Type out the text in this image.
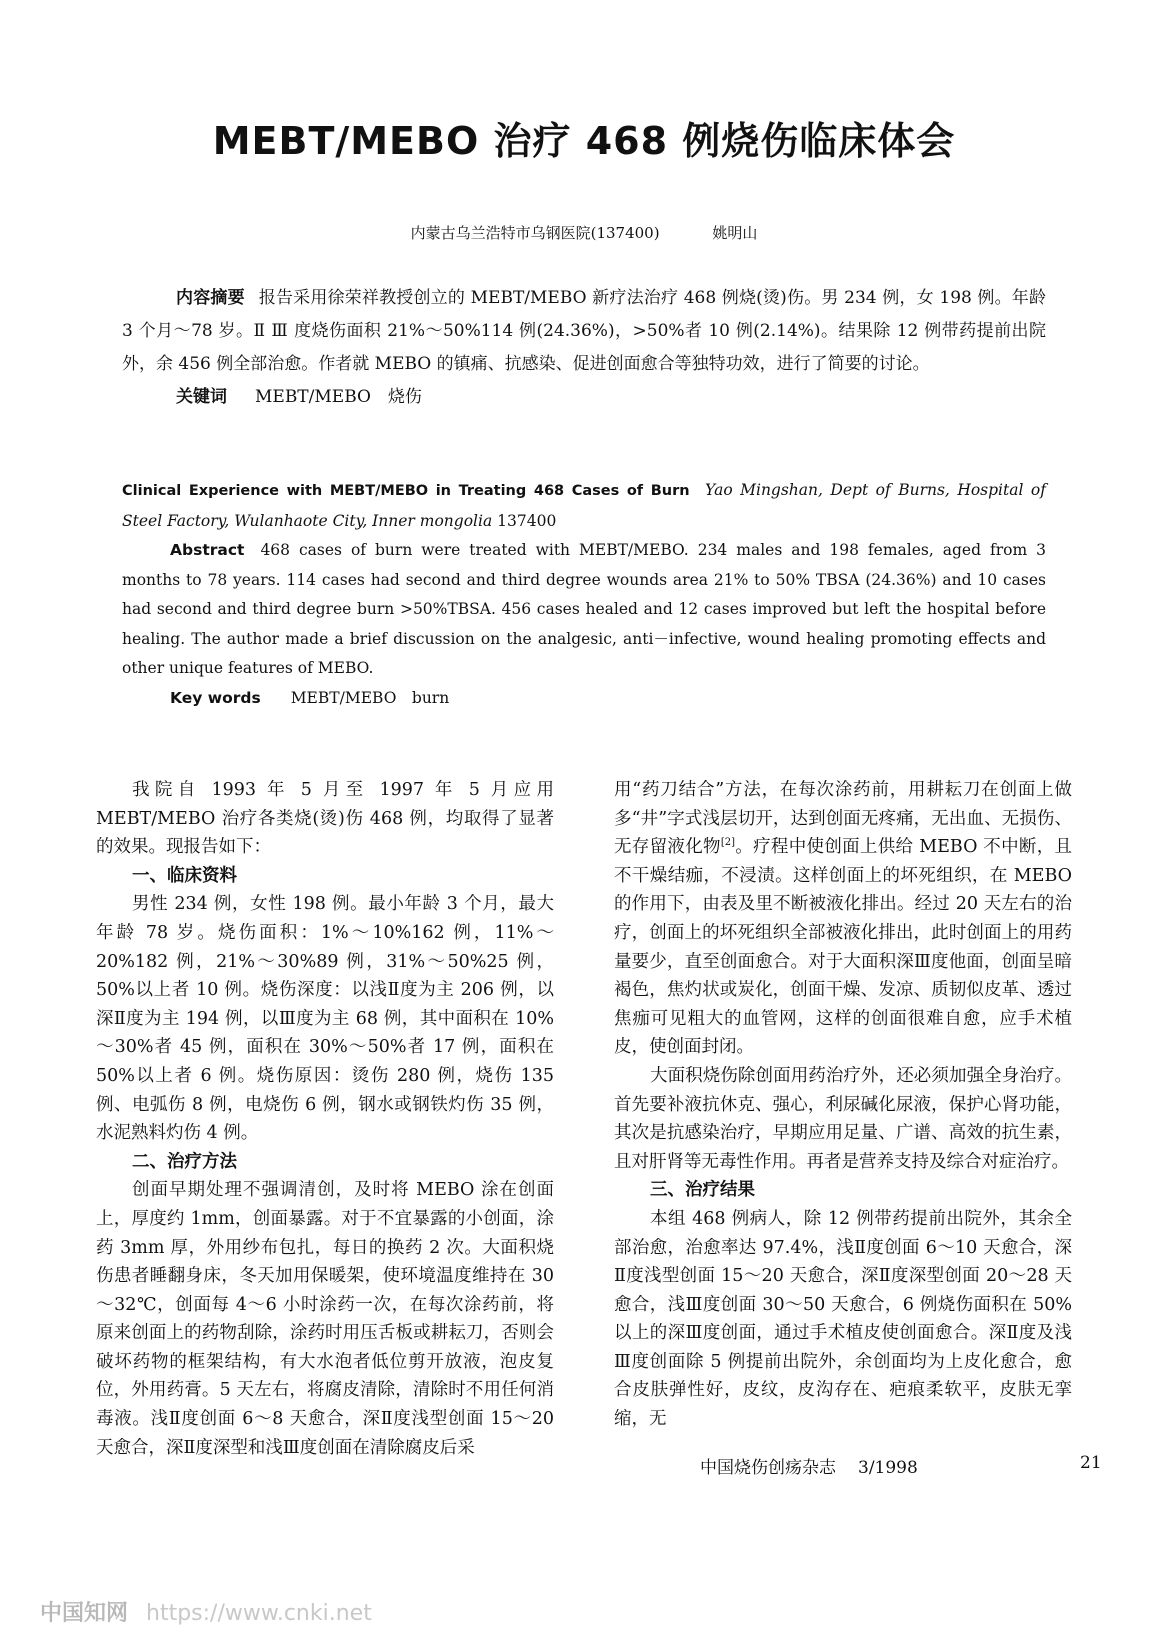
MEBT/MEBO 治疗 468 例烧伤临床体会
内蒙古乌兰浩特市乌钢医院(137400)	姚明山

内容摘要 报告采用徐荣祥教授创立的 MEBT/MEBO 新疗法治疗 468 例烧(烫)伤。男 234 例，女 198 例。年龄 3 个月～78 岁。Ⅱ Ⅲ 度烧伤面积 21%～50%114 例(24.36%)，>50%者 10 例(2.14%)。结果除 12 例带药提前出院外，余 456 例全部治愈。作者就 MEBO 的镇痛、抗感染、促进创面愈合等独特功效，进行了简要的讨论。

关键词 MEBT/MEBO　烧伤

Clinical Experience with MEBT/MEBO in Treating 468 Cases of Burn Yao Mingshan, Dept of Burns, Hospital of Steel Factory, Wulanhaote City, Inner mongolia 137400

Abstract 468 cases of burn were treated with MEBT/MEBO. 234 males and 198 females, aged from 3 months to 78 years. 114 cases had second and third degree wounds area 21% to 50% TBSA (24.36%) and 10 cases had second and third degree burn >50%TBSA. 456 cases healed and 12 cases improved but left the hospital before healing. The author made a brief discussion on the analgesic, anti－infective, wound healing promoting effects and other unique features of MEBO.

Key words MEBT/MEBO　burn

我院自 1993 年 5 月至 1997 年 5 月应用 MEBT/MEBO 治疗各类烧(烫)伤 468 例，均取得了显著的效果。现报告如下：

一、临床资料

男性 234 例，女性 198 例。最小年龄 3 个月，最大年龄 78 岁。烧伤面积：1%～10%162 例，11%～20%182 例，21%～30%89 例，31%～50%25 例，50%以上者 10 例。烧伤深度：以浅Ⅱ度为主 206 例，以深Ⅱ度为主 194 例，以Ⅲ度为主 68 例，其中面积在 10%～30%者 45 例，面积在 30%～50%者 17 例，面积在 50%以上者 6 例。烧伤原因：烫伤 280 例，烧伤 135 例、电弧伤 8 例，电烧伤 6 例，钢水或钢铁灼伤 35 例，水泥熟料灼伤 4 例。

二、治疗方法

创面早期处理不强调清创，及时将 MEBO 涂在创面上，厚度约 1mm，创面暴露。对于不宜暴露的小创面，涂药 3mm 厚，外用纱布包扎，每日的换药 2 次。大面积烧伤患者睡翻身床，冬天加用保暖架，使环境温度维持在 30～32℃，创面每 4～6 小时涂药一次，在每次涂药前，将原来创面上的药物刮除，涂药时用压舌板或耕耘刀，否则会破坏药物的框架结构，有大水泡者低位剪开放液，泡皮复位，外用药膏。5 天左右，将腐皮清除，清除时不用任何消毒液。浅Ⅱ度创面 6～8 天愈合，深Ⅱ度浅型创面 15～20 天愈合，深Ⅱ度深型和浅Ⅲ度创面在清除腐皮后采

用“药刀结合”方法，在每次涂药前，用耕耘刀在创面上做多“井”字式浅层切开，达到创面无疼痛，无出血、无损伤、无存留液化物[2]。疗程中使创面上供给 MEBO 不中断，且不干燥结痂，不浸渍。这样创面上的坏死组织，在 MEBO 的作用下，由表及里不断被液化排出。经过 20 天左右的治疗，创面上的坏死组织全部被液化排出，此时创面上的用药量要少，直至创面愈合。对于大面积深Ⅲ度他面，创面呈暗褐色，焦灼状或炭化，创面干燥、发凉、质韧似皮革、透过焦痂可见粗大的血管网，这样的创面很难自愈，应手术植皮，使创面封闭。

大面积烧伤除创面用药治疗外，还必须加强全身治疗。首先要补液抗休克、强心，利尿碱化尿液，保护心肾功能，其次是抗感染治疗，早期应用足量、广谱、高效的抗生素，且对肝肾等无毒性作用。再者是营养支持及综合对症治疗。

三、治疗结果

本组 468 例病人，除 12 例带药提前出院外，其余全部治愈，治愈率达 97.4%，浅Ⅱ度创面 6～10 天愈合，深Ⅱ度浅型创面 15～20 天愈合，深Ⅱ度深型创面 20～28 天愈合，浅Ⅲ度创面 30～50 天愈合，6 例烧伤面积在 50%以上的深Ⅲ度创面，通过手术植皮使创面愈合。深Ⅱ度及浅Ⅲ度创面除 5 例提前出院外，余创面均为上皮化愈合，愈合皮肤弹性好，皮纹，皮沟存在、疤痕柔软平，皮肤无挛缩，无

中国烧伤创疡杂志 3/1998	21
中国知网 https://www.cnki.net
